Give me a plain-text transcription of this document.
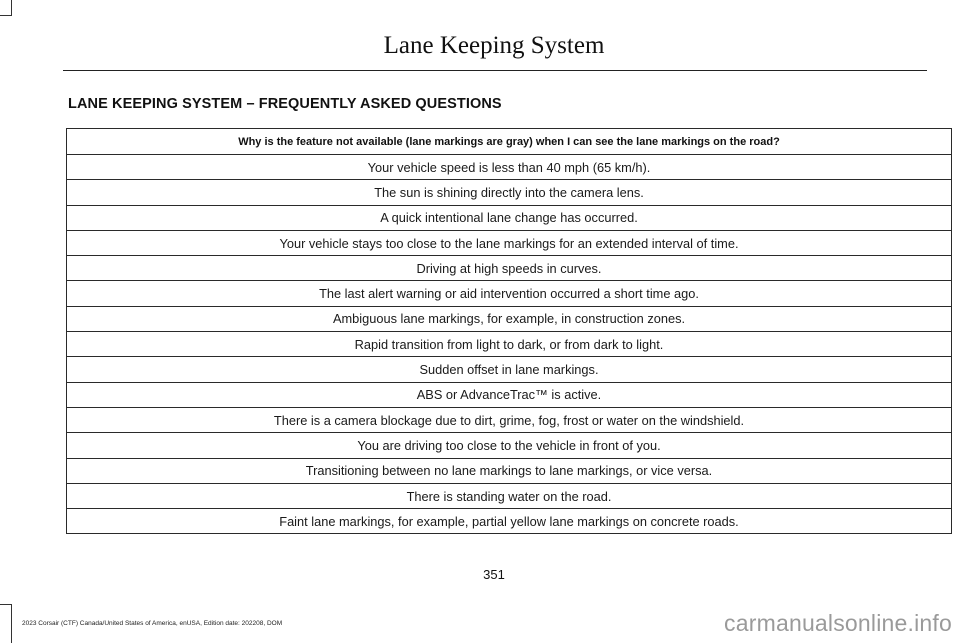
Lane Keeping System
LANE KEEPING SYSTEM – FREQUENTLY ASKED QUESTIONS
Why is the feature not available (lane markings are gray) when I can see the lane markings on the road?
Your vehicle speed is less than 40 mph (65 km/h).
The sun is shining directly into the camera lens.
A quick intentional lane change has occurred.
Your vehicle stays too close to the lane markings for an extended interval of time.
Driving at high speeds in curves.
The last alert warning or aid intervention occurred a short time ago.
Ambiguous lane markings, for example, in construction zones.
Rapid transition from light to dark, or from dark to light.
Sudden offset in lane markings.
ABS or AdvanceTrac™ is active.
There is a camera blockage due to dirt, grime, fog, frost or water on the windshield.
You are driving too close to the vehicle in front of you.
Transitioning between no lane markings to lane markings, or vice versa.
There is standing water on the road.
Faint lane markings, for example, partial yellow lane markings on concrete roads.
351
2023 Corsair (CTF) Canada/United States of America, enUSA, Edition date: 202208, DOM	carmanualsonline.info
